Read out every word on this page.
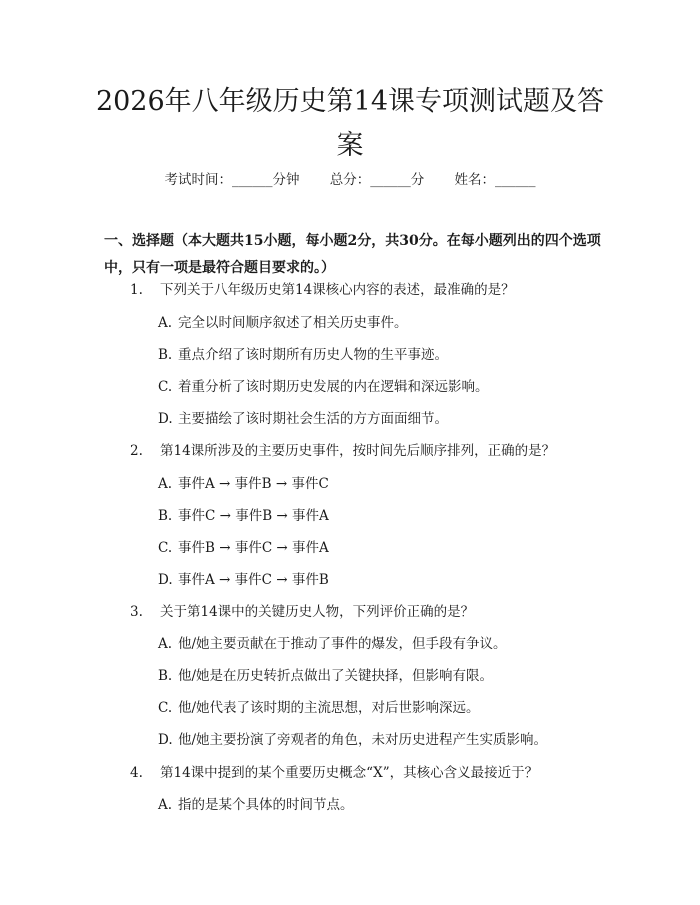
2026年八年级历史第14课专项测试题及答案
考试时间：______分钟 总分：______分 姓名：______

一、选择题（本大题共15小题，每小题2分，共30分。在每小题列出的四个选项中，只有一项是最符合题目要求的。）

1. 下列关于八年级历史第14课核心内容的表述，最准确的是？
A. 完全以时间顺序叙述了相关历史事件。
B. 重点介绍了该时期所有历史人物的生平事迹。
C. 着重分析了该时期历史发展的内在逻辑和深远影响。
D. 主要描绘了该时期社会生活的方方面面细节。
2. 第14课所涉及的主要历史事件，按时间先后顺序排列，正确的是？
A. 事件A → 事件B → 事件C
B. 事件C → 事件B → 事件A
C. 事件B → 事件C → 事件A
D. 事件A → 事件C → 事件B
3. 关于第14课中的关键历史人物，下列评价正确的是？
A. 他/她主要贡献在于推动了事件的爆发，但手段有争议。
B. 他/她是在历史转折点做出了关键抉择，但影响有限。
C. 他/她代表了该时期的主流思想，对后世影响深远。
D. 他/她主要扮演了旁观者的角色，未对历史进程产生实质影响。
4. 第14课中提到的某个重要历史概念“X”，其核心含义最接近于？
A. 指的是某个具体的时间节点。
